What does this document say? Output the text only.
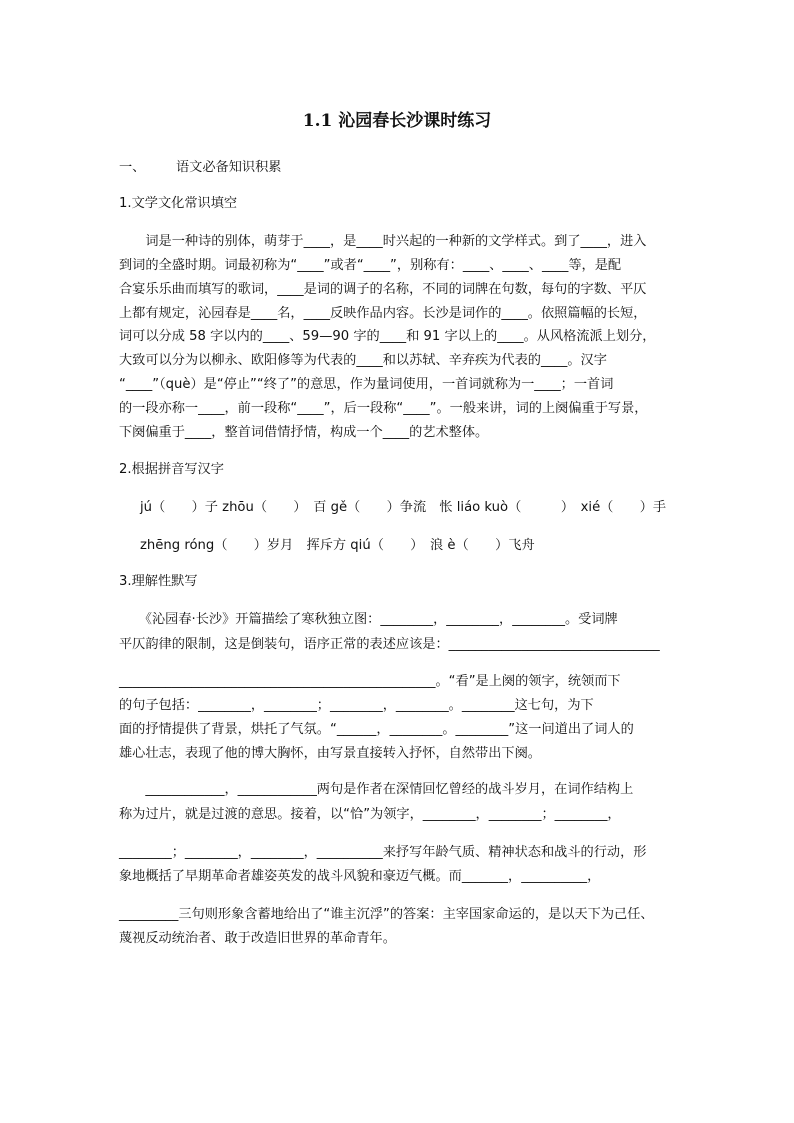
1.1 沁园春长沙课时练习
一、 语文必备知识积累
1.文学文化常识填空
　　词是一种诗的别体，萌芽于____，是____时兴起的一种新的文学样式。到了____，进入
到词的全盛时期。词最初称为“____”或者“____”，别称有：____、____、____等，是配
合宴乐乐曲而填写的歌词，____是词的调子的名称，不同的词牌在句数，每句的字数、平仄
上都有规定，沁园春是____名，____反映作品内容。长沙是词作的____。依照篇幅的长短，
词可以分成 58 字以内的____、59—90 字的____和 91 字以上的____。从风格流派上划分，
大致可以分为以柳永、欧阳修等为代表的____和以苏轼、辛弃疾为代表的____。汉字
“____”（què）是“停止”“终了”的意思，作为量词使用，一首词就称为一____；一首词
的一段亦称一____，前一段称“____”，后一段称“____”。一般来讲，词的上阕偏重于写景，
下阕偏重于____，整首词借情抒情，构成一个____的艺术整体。
2.根据拼音写汉字
jú（　　）子 zhōu（　　）　百 gě（　　）争流　怅 liáo kuò（　　　）　xié（　　）手
zhēng róng（　　）岁月　挥斥方 qiú（　　）　浪 è（　　）飞舟
3.理解性默写
　　《沁园春·长沙》开篇描绘了寒秋独立图：________，________，________。受词牌
平仄韵律的限制，这是倒装句，语序正常的表述应该是：________________________________
________________________________________________。“看”是上阕的领字，统领而下
的句子包括：________，________；________，________。________这七句，为下
面的抒情提供了背景，烘托了气氛。“______，________。________”这一问道出了词人的
雄心壮志，表现了他的博大胸怀，由写景直接转入抒怀，自然带出下阕。
　　____________，____________两句是作者在深情回忆曾经的战斗岁月，在词作结构上
称为过片，就是过渡的意思。接着，以“恰”为领字，________，________；________，
________；________，________，__________来抒写年龄气质、精神状态和战斗的行动，形
象地概括了早期革命者雄姿英发的战斗风貌和豪迈气概。而_______，__________，
_________三句则形象含蓄地给出了“谁主沉浮”的答案：主宰国家命运的，是以天下为己任、
蔑视反动统治者、敢于改造旧世界的革命青年。
